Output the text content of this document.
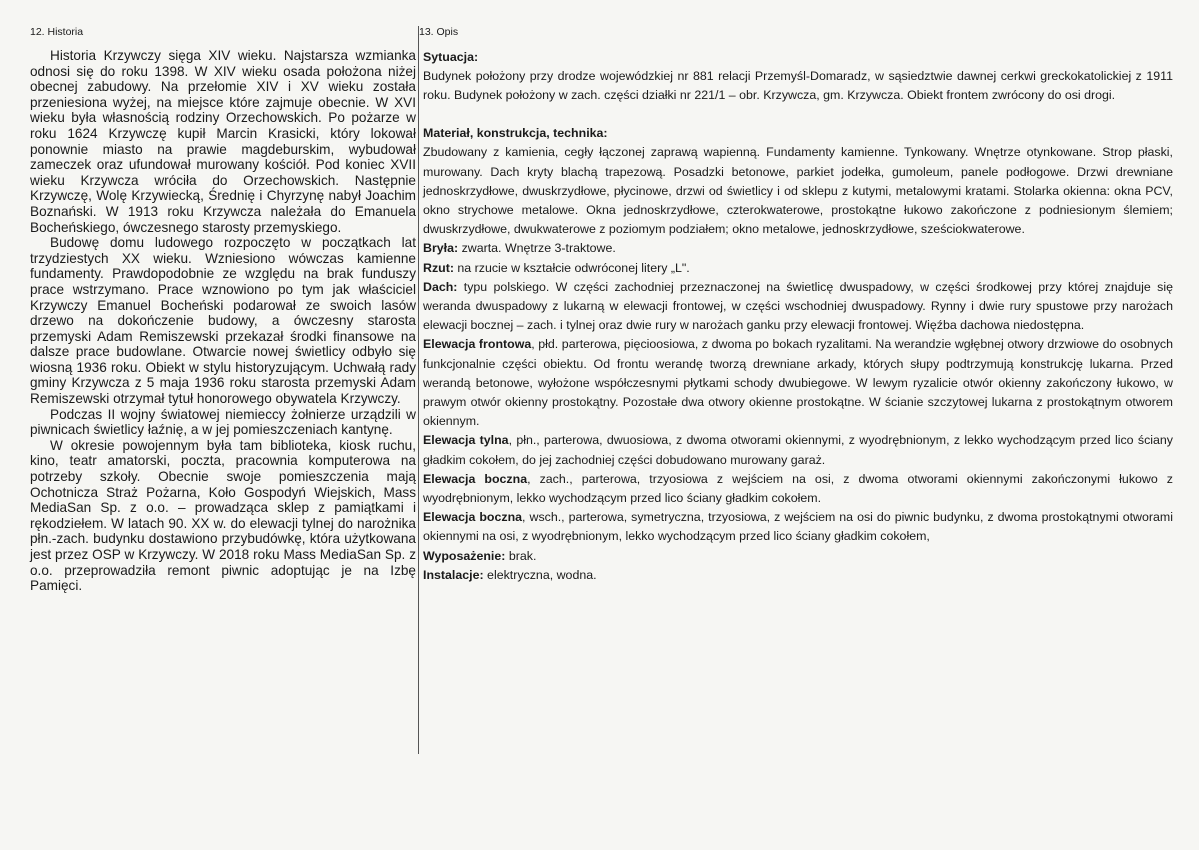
12. Historia

Historia Krzywczy sięga XIV wieku. Najstarsza wzmianka odnosi się do roku 1398. W XIV wieku osada położona niżej obecnej zabudowy. Na przełomie XIV i XV wieku została przeniesiona wyżej, na miejsce które zajmuje obecnie. W XVI wieku była własnością rodziny Orzechowskich. Po pożarze w roku 1624 Krzywczę kupił Marcin Krasicki, który lokował ponownie miasto na prawie magdeburskim, wybudował zameczek oraz ufundował murowany kościół. Pod koniec XVII wieku Krzywcza wróciła do Orzechowskich. Następnie Krzywczę, Wolę Krzywiecką, Średnię i Chyrzynę nabył Joachim Boznański. W 1913 roku Krzywcza należała do Emanuela Bocheńskiego, ówczesnego starosty przemyskiego.

Budowę domu ludowego rozpoczęto w początkach lat trzydziestych XX wieku. Wzniesiono wówczas kamienne fundamenty. Prawdopodobnie ze względu na brak funduszy prace wstrzymano. Prace wznowiono po tym jak właściciel Krzywczy Emanuel Bocheński podarował ze swoich lasów drzewo na dokończenie budowy, a ówczesny starosta przemyski Adam Remiszewski przekazał środki finansowe na dalsze prace budowlane. Otwarcie nowej świetlicy odbyło się wiosną 1936 roku. Obiekt w stylu historyzującym. Uchwałą rady gminy Krzywcza z 5 maja 1936 roku starosta przemyski Adam Remiszewski otrzymał tytuł honorowego obywatela Krzywczy.

Podczas II wojny światowej niemieccy żołnierze urządzili w piwnicach świetlicy łaźnię, a w jej pomieszczeniach kantynę.

W okresie powojennym była tam biblioteka, kiosk ruchu, kino, teatr amatorski, poczta, pracownia komputerowa na potrzeby szkoły. Obecnie swoje pomieszczenia mają Ochotnicza Straż Pożarna, Koło Gospodyń Wiejskich, Mass MediaSan Sp. z o.o. – prowadząca sklep z pamiątkami i rękodziełem. W latach 90. XX w. do elewacji tylnej do narożnika płn.-zach. budynku dostawiono przybudówkę, która użytkowana jest przez OSP w Krzywczy. W 2018 roku Mass MediaSan Sp. z o.o. przeprowadziła remont piwnic adoptując je na Izbę Pamięci.

13. Opis
Sytuacja:
Budynek położony przy drodze wojewódzkiej nr 881 relacji Przemyśl-Domaradz, w sąsiedztwie dawnej cerkwi greckokatolickiej z 1911 roku. Budynek położony w zach. części działki nr 221/1 – obr. Krzywcza, gm. Krzywcza. Obiekt frontem zwrócony do osi drogi.
Materiał, konstrukcja, technika:
Zbudowany z kamienia, cegły łączonej zaprawą wapienną. Fundamenty kamienne. Tynkowany. Wnętrze otynkowane. Strop płaski, murowany. Dach kryty blachą trapezową. Posadzki betonowe, parkiet jodełka, gumoleum, panele podłogowe. Drzwi drewniane jednoskrzydłowe, dwuskrzydłowe, płycinowe, drzwi od świetlicy i od sklepu z kutymi, metalowymi kratami. Stolarka okienna: okna PCV, okno strychowe metalowe. Okna jednoskrzydłowe, czterokwaterowe, prostokątne łukowo zakończone z podniesionym ślemiem; dwuskrzydłowe, dwukwaterowe z poziomym podziałem; okno metalowe, jednoskrzydłowe, sześciokwaterowe.
Bryła: zwarta. Wnętrze 3-traktowe.
Rzut: na rzucie w kształcie odwróconej litery „L".
Dach: typu polskiego. W części zachodniej przeznaczonej na świetlicę dwuspadowy, w części środkowej przy której znajduje się weranda dwuspadowy z lukarną w elewacji frontowej, w części wschodniej dwuspadowy. Rynny i dwie rury spustowe przy narożach elewacji bocznej – zach. i tylnej oraz dwie rury w narożach ganku przy elewacji frontowej. Więźba dachowa niedostępna.
Elewacja frontowa, płd. parterowa, pięcioosiowa, z dwoma po bokach ryzalitami. Na werandzie wgłębnej otwory drzwiowe do osobnych funkcjonalnie części obiektu. Od frontu werandę tworzą drewniane arkady, których słupy podtrzymują konstrukcję lukarna. Przed werandą betonowe, wyłożone współczesnymi płytkami schody dwubiegowe. W lewym ryzalicie otwór okienny zakończony łukowo, w prawym otwór okienny prostokątny. Pozostałe dwa otwory okienne prostokątne. W ścianie szczytowej lukarna z prostokątnym otworem okiennym.
Elewacja tylna, płn., parterowa, dwuosiowa, z dwoma otworami okiennymi, z wyodrębnionym, z lekko wychodzącym przed lico ściany gładkim cokołem, do jej zachodniej części dobudowano murowany garaż.
Elewacja boczna, zach., parterowa, trzyosiowa z wejściem na osi, z dwoma otworami okiennymi zakończonymi łukowo z wyodrębnionym, lekko wychodzącym przed lico ściany gładkim cokołem.
Elewacja boczna, wsch., parterowa, symetryczna, trzyosiowa, z wejściem na osi do piwnic budynku, z dwoma prostokątnymi otworami okiennymi na osi, z wyodrębnionym, lekko wychodzącym przed lico ściany gładkim cokołem,
Wyposażenie: brak.
Instalacje: elektryczna, wodna.
